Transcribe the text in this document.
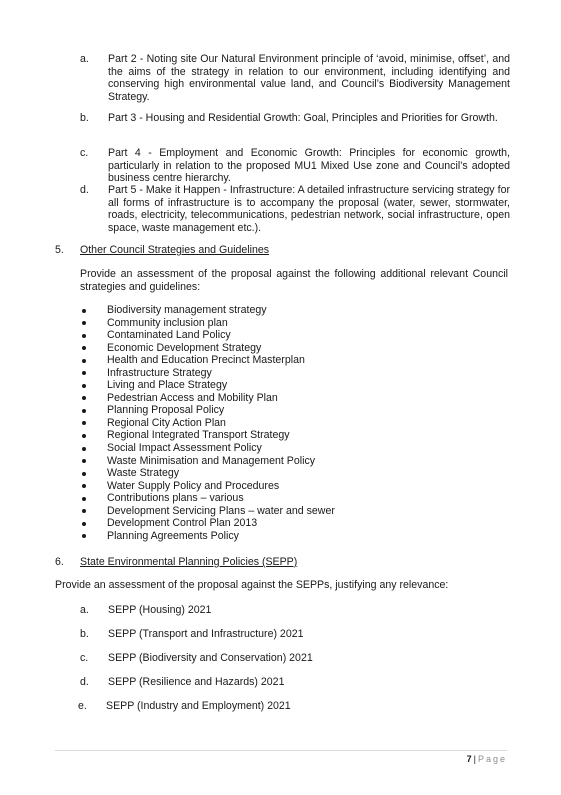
a. Part 2 - Noting site Our Natural Environment principle of ‘avoid, minimise, offset’, and the aims of the strategy in relation to our environment, including identifying and conserving high environmental value land, and Council’s Biodiversity Management Strategy.
b. Part 3 - Housing and Residential Growth: Goal, Principles and Priorities for Growth.
c. Part 4 - Employment and Economic Growth: Principles for economic growth, particularly in relation to the proposed MU1 Mixed Use zone and Council’s adopted business centre hierarchy.
d. Part 5 - Make it Happen - Infrastructure: A detailed infrastructure servicing strategy for all forms of infrastructure is to accompany the proposal (water, sewer, stormwater, roads, electricity, telecommunications, pedestrian network, social infrastructure, open space, waste management etc.).
5. Other Council Strategies and Guidelines
Provide an assessment of the proposal against the following additional relevant Council strategies and guidelines:
Biodiversity management strategy
Community inclusion plan
Contaminated Land Policy
Economic Development Strategy
Health and Education Precinct Masterplan
Infrastructure Strategy
Living and Place Strategy
Pedestrian Access and Mobility Plan
Planning Proposal Policy
Regional City Action Plan
Regional Integrated Transport Strategy
Social Impact Assessment Policy
Waste Minimisation and Management Policy
Waste Strategy
Water Supply Policy and Procedures
Contributions plans – various
Development Servicing Plans – water and sewer
Development Control Plan 2013
Planning Agreements Policy
6. State Environmental Planning Policies (SEPP)
Provide an assessment of the proposal against the SEPPs, justifying any relevance:
a. SEPP (Housing) 2021
b. SEPP (Transport and Infrastructure) 2021
c. SEPP (Biodiversity and Conservation) 2021
d. SEPP (Resilience and Hazards) 2021
e. SEPP (Industry and Employment) 2021
7 | Page
